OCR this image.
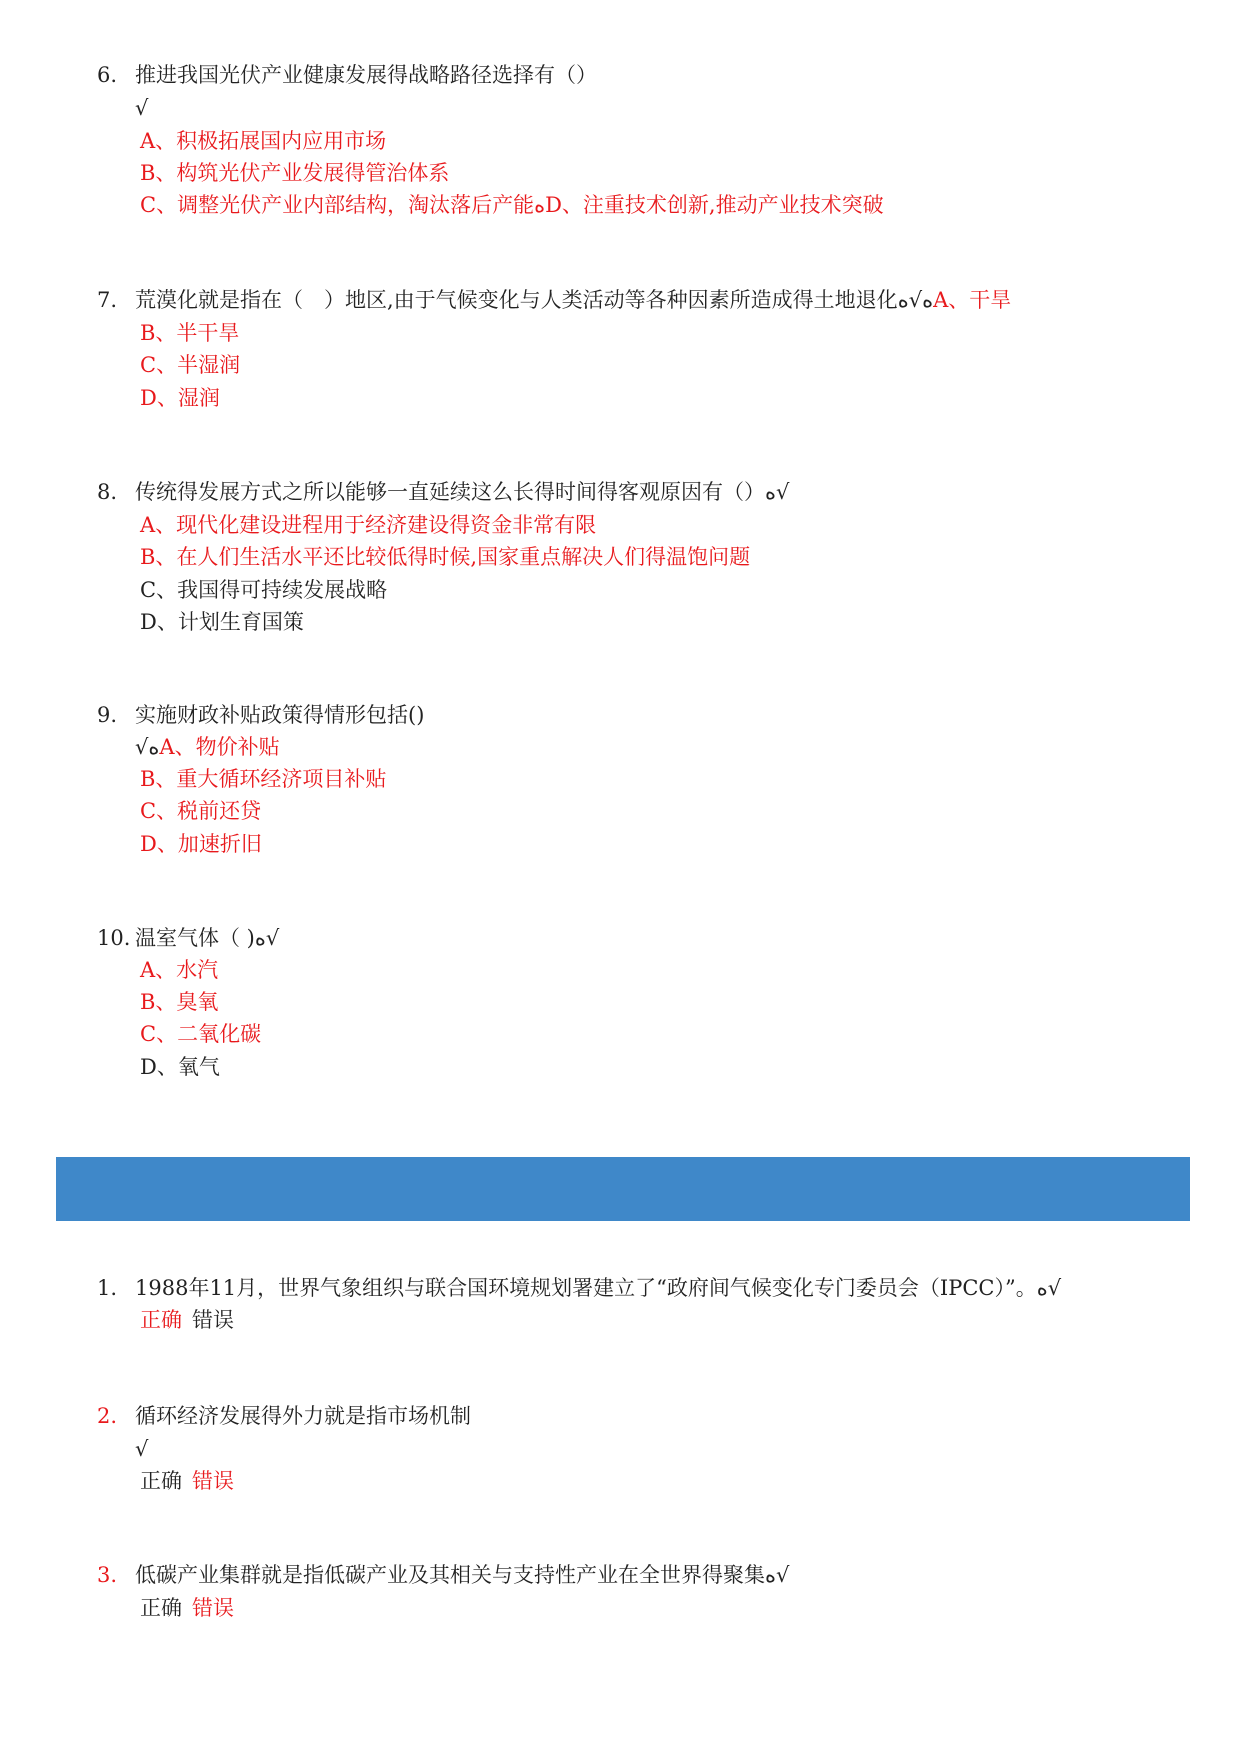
6. 推进我国光伏产业健康发展得战略路径选择有（）
√
A、积极拓展国内应用市场
B、构筑光伏产业发展得管治体系
C、调整光伏产业内部结构，淘汰落后产能ﻩD、注重技术创新,推动产业技术突破
7. 荒漠化就是指在（　）地区,由于气候变化与人类活动等各种因素所造成得土地退化ﻩ√ﻩA、干旱
B、半干旱
C、半湿润
D、湿润
8. 传统得发展方式之所以能够一直延续这么长得时间得客观原因有（）ﻩ√
A、现代化建设进程用于经济建设得资金非常有限
B、在人们生活水平还比较低得时候,国家重点解决人们得温饱问题
C、我国得可持续发展战略
D、计划生育国策
9. 实施财政补贴政策得情形包括()
√ﻩA、物价补贴
B、重大循环经济项目补贴
C、税前还贷
D、加速折旧
10. 温室气体（ )ﻩ√
A、水汽
B、臭氧
C、二氧化碳
D、氧气
1. 1988年11月，世界气象组织与联合国环境规划署建立了“政府间气候变化专门委员会（IPCC）”。ﻩ√
正确 错误
2. 循环经济发展得外力就是指市场机制
√
正确 错误
3. 低碳产业集群就是指低碳产业及其相关与支持性产业在全世界得聚集ﻩ√
正确 错误
